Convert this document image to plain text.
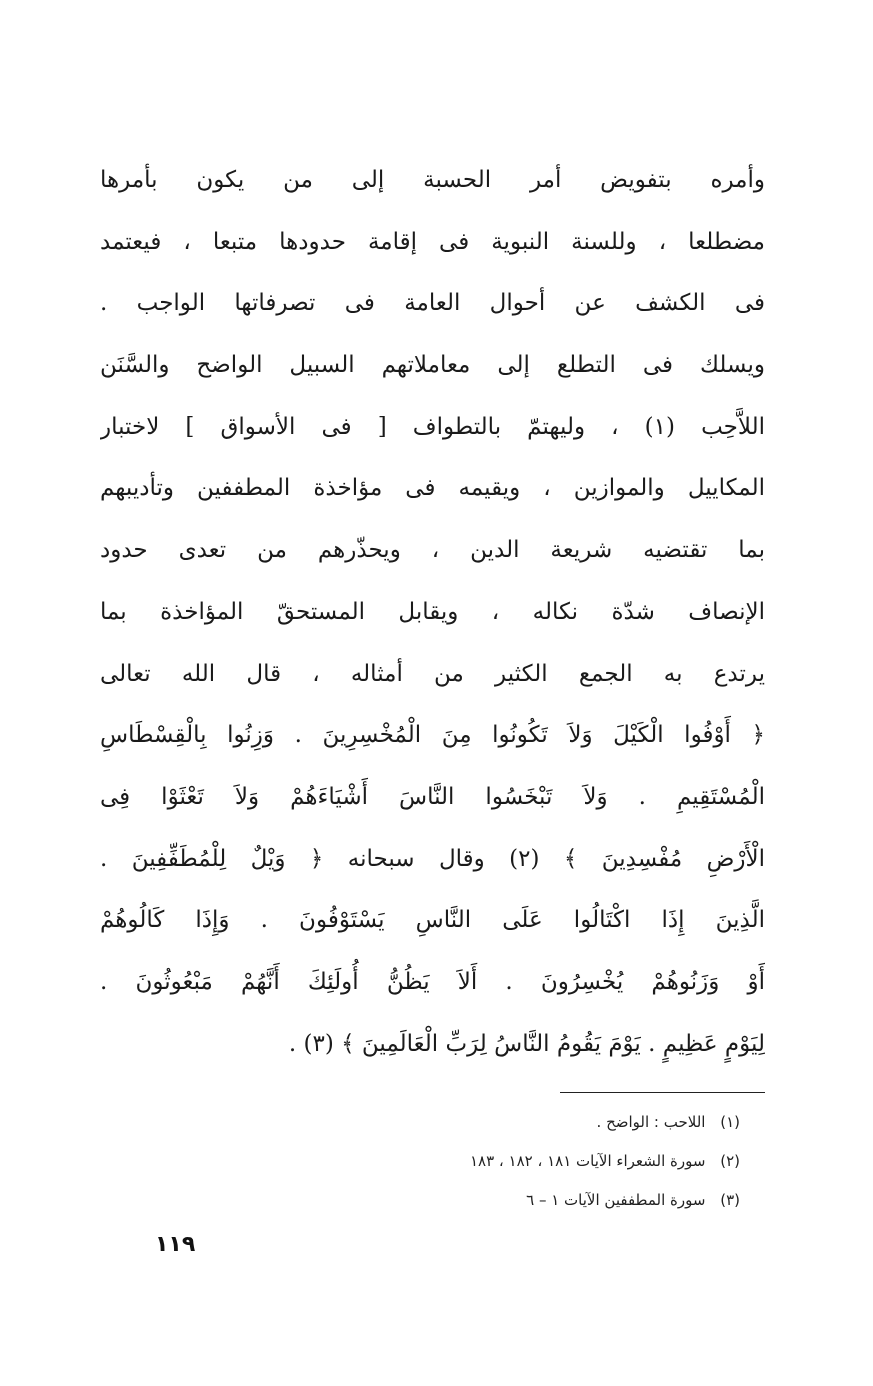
وأمره بتفويض أمر الحسبة إلى من يكون بأمرها
مضطلعا ، وللسنة النبوية فى إقامة حدودها متبعا ، فيعتمد
فى الكشف عن أحوال العامة فى تصرفاتها الواجب .
ويسلك فى التطلع إلى معاملاتهم السبيل الواضح والسَّنَن
اللاَّحِب (١) ، وليهتمّ بالتطواف [ فى الأسواق ] لاختبار
المكاييل والموازين ، ويقيمه فى مؤاخذة المطففين وتأديبهم
بما تقتضيه شريعة الدين ، ويحذّرهم من تعدى حدود
الإنصاف شدّة نكاله ، ويقابل المستحقّ المؤاخذة بما
يرتدع به الجمع الكثير من أمثاله ، قال الله تعالى
﴿ أَوْفُوا الْكَيْلَ وَلاَ تَكُونُوا مِنَ الْمُخْسِرِينَ . وَزِنُوا بِالْقِسْطَاسِ
الْمُسْتَقِيمِ . وَلاَ تَبْخَسُوا النَّاسَ أَشْيَاءَهُمْ وَلاَ تَعْثَوْا فِى
الْأَرْضِ مُفْسِدِينَ ﴾ (٢) وقال سبحانه ﴿ وَيْلٌ لِلْمُطَفِّفِينَ .
الَّذِينَ إِذَا اكْتَالُوا عَلَى النَّاسِ يَسْتَوْفُونَ . وَإِذَا كَالُوهُمْ
أَوْ وَزَنُوهُمْ يُخْسِرُونَ . أَلاَ يَظُنُّ أُولَئِكَ أَنَّهُمْ مَبْعُوثُونَ .
لِيَوْمٍ عَظِيمٍ . يَوْمَ يَقُومُ النَّاسُ لِرَبِّ الْعَالَمِينَ ﴾ (٣) .
(١) اللاحب : الواضح .
(٢) سورة الشعراء الآيات ١٨١ ، ١٨٢ ، ١٨٣
(٣) سورة المطففين الآيات ١ – ٦
١١٩
